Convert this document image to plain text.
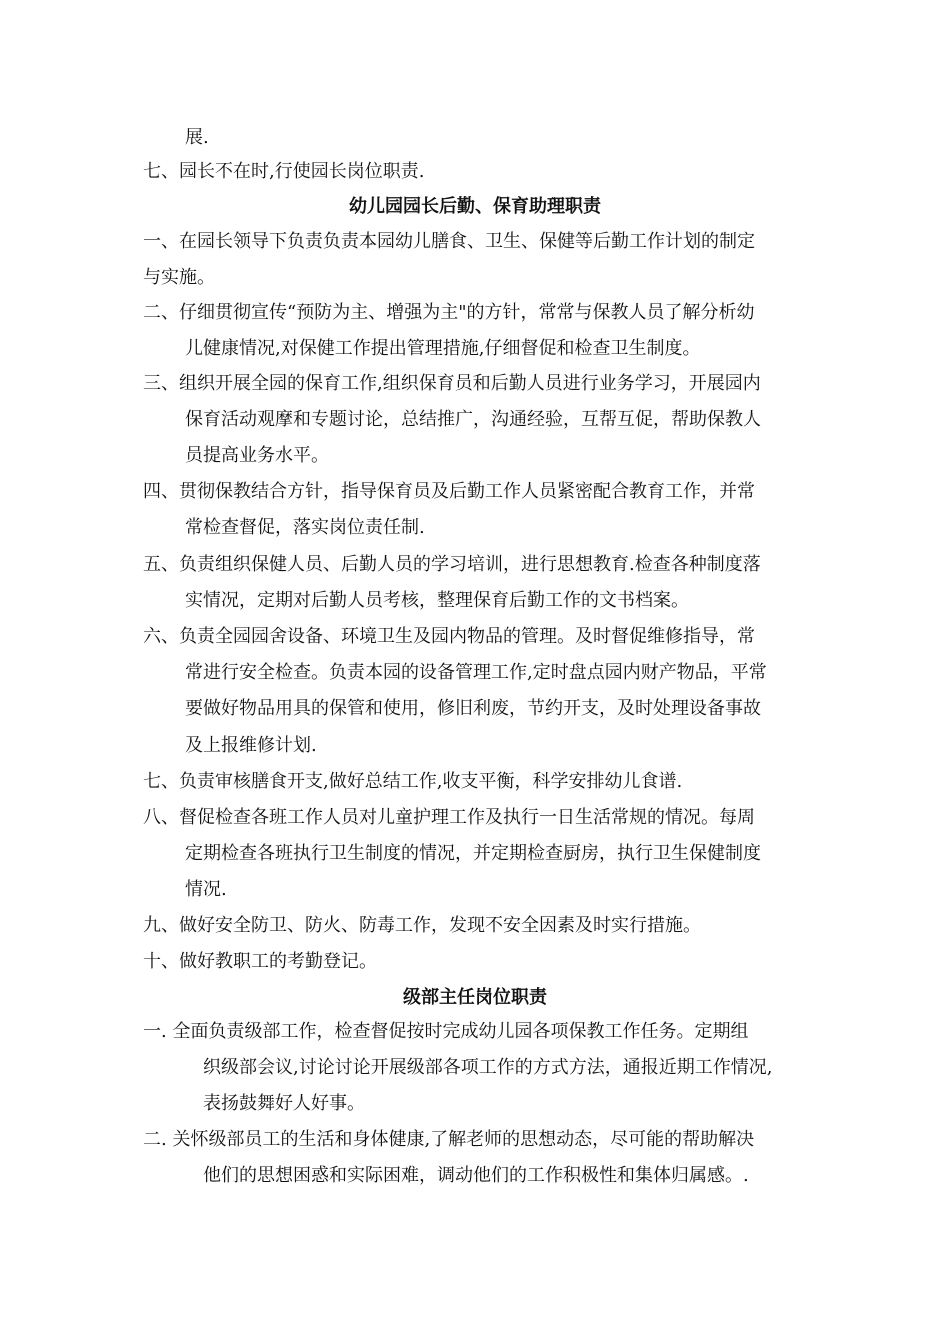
展.
七、园长不在时,行使园长岗位职责.
幼儿园园长后勤、保育助理职责
一、在园长领导下负责负责本园幼儿膳食、卫生、保健等后勤工作计划的制定
与实施。
二、仔细贯彻宣传“预防为主、增强为主"的方针，常常与保教人员了解分析幼
儿健康情况,对保健工作提出管理措施,仔细督促和检查卫生制度。
三、组织开展全园的保育工作,组织保育员和后勤人员进行业务学习，开展园内
保育活动观摩和专题讨论，总结推广，沟通经验，互帮互促，帮助保教人
员提高业务水平。
四、贯彻保教结合方针，指导保育员及后勤工作人员紧密配合教育工作，并常
常检查督促，落实岗位责任制.
五、负责组织保健人员、后勤人员的学习培训，进行思想教育.检查各种制度落
实情况，定期对后勤人员考核，整理保育后勤工作的文书档案。
六、负责全园园舍设备、环境卫生及园内物品的管理。及时督促维修指导，常
常进行安全检查。负责本园的设备管理工作,定时盘点园内财产物品，平常
要做好物品用具的保管和使用，修旧利废，节约开支，及时处理设备事故
及上报维修计划.
七、负责审核膳食开支,做好总结工作,收支平衡，科学安排幼儿食谱.
八、督促检查各班工作人员对儿童护理工作及执行一日生活常规的情况。每周
定期检查各班执行卫生制度的情况，并定期检查厨房，执行卫生保健制度
情况.
九、做好安全防卫、防火、防毒工作，发现不安全因素及时实行措施。
十、做好教职工的考勤登记。
级部主任岗位职责
一. 全面负责级部工作，检查督促按时完成幼儿园各项保教工作任务。定期组
织级部会议,讨论讨论开展级部各项工作的方式方法，通报近期工作情况,
表扬鼓舞好人好事。
二. 关怀级部员工的生活和身体健康,了解老师的思想动态，尽可能的帮助解决
他们的思想困惑和实际困难，调动他们的工作积极性和集体归属感。.
